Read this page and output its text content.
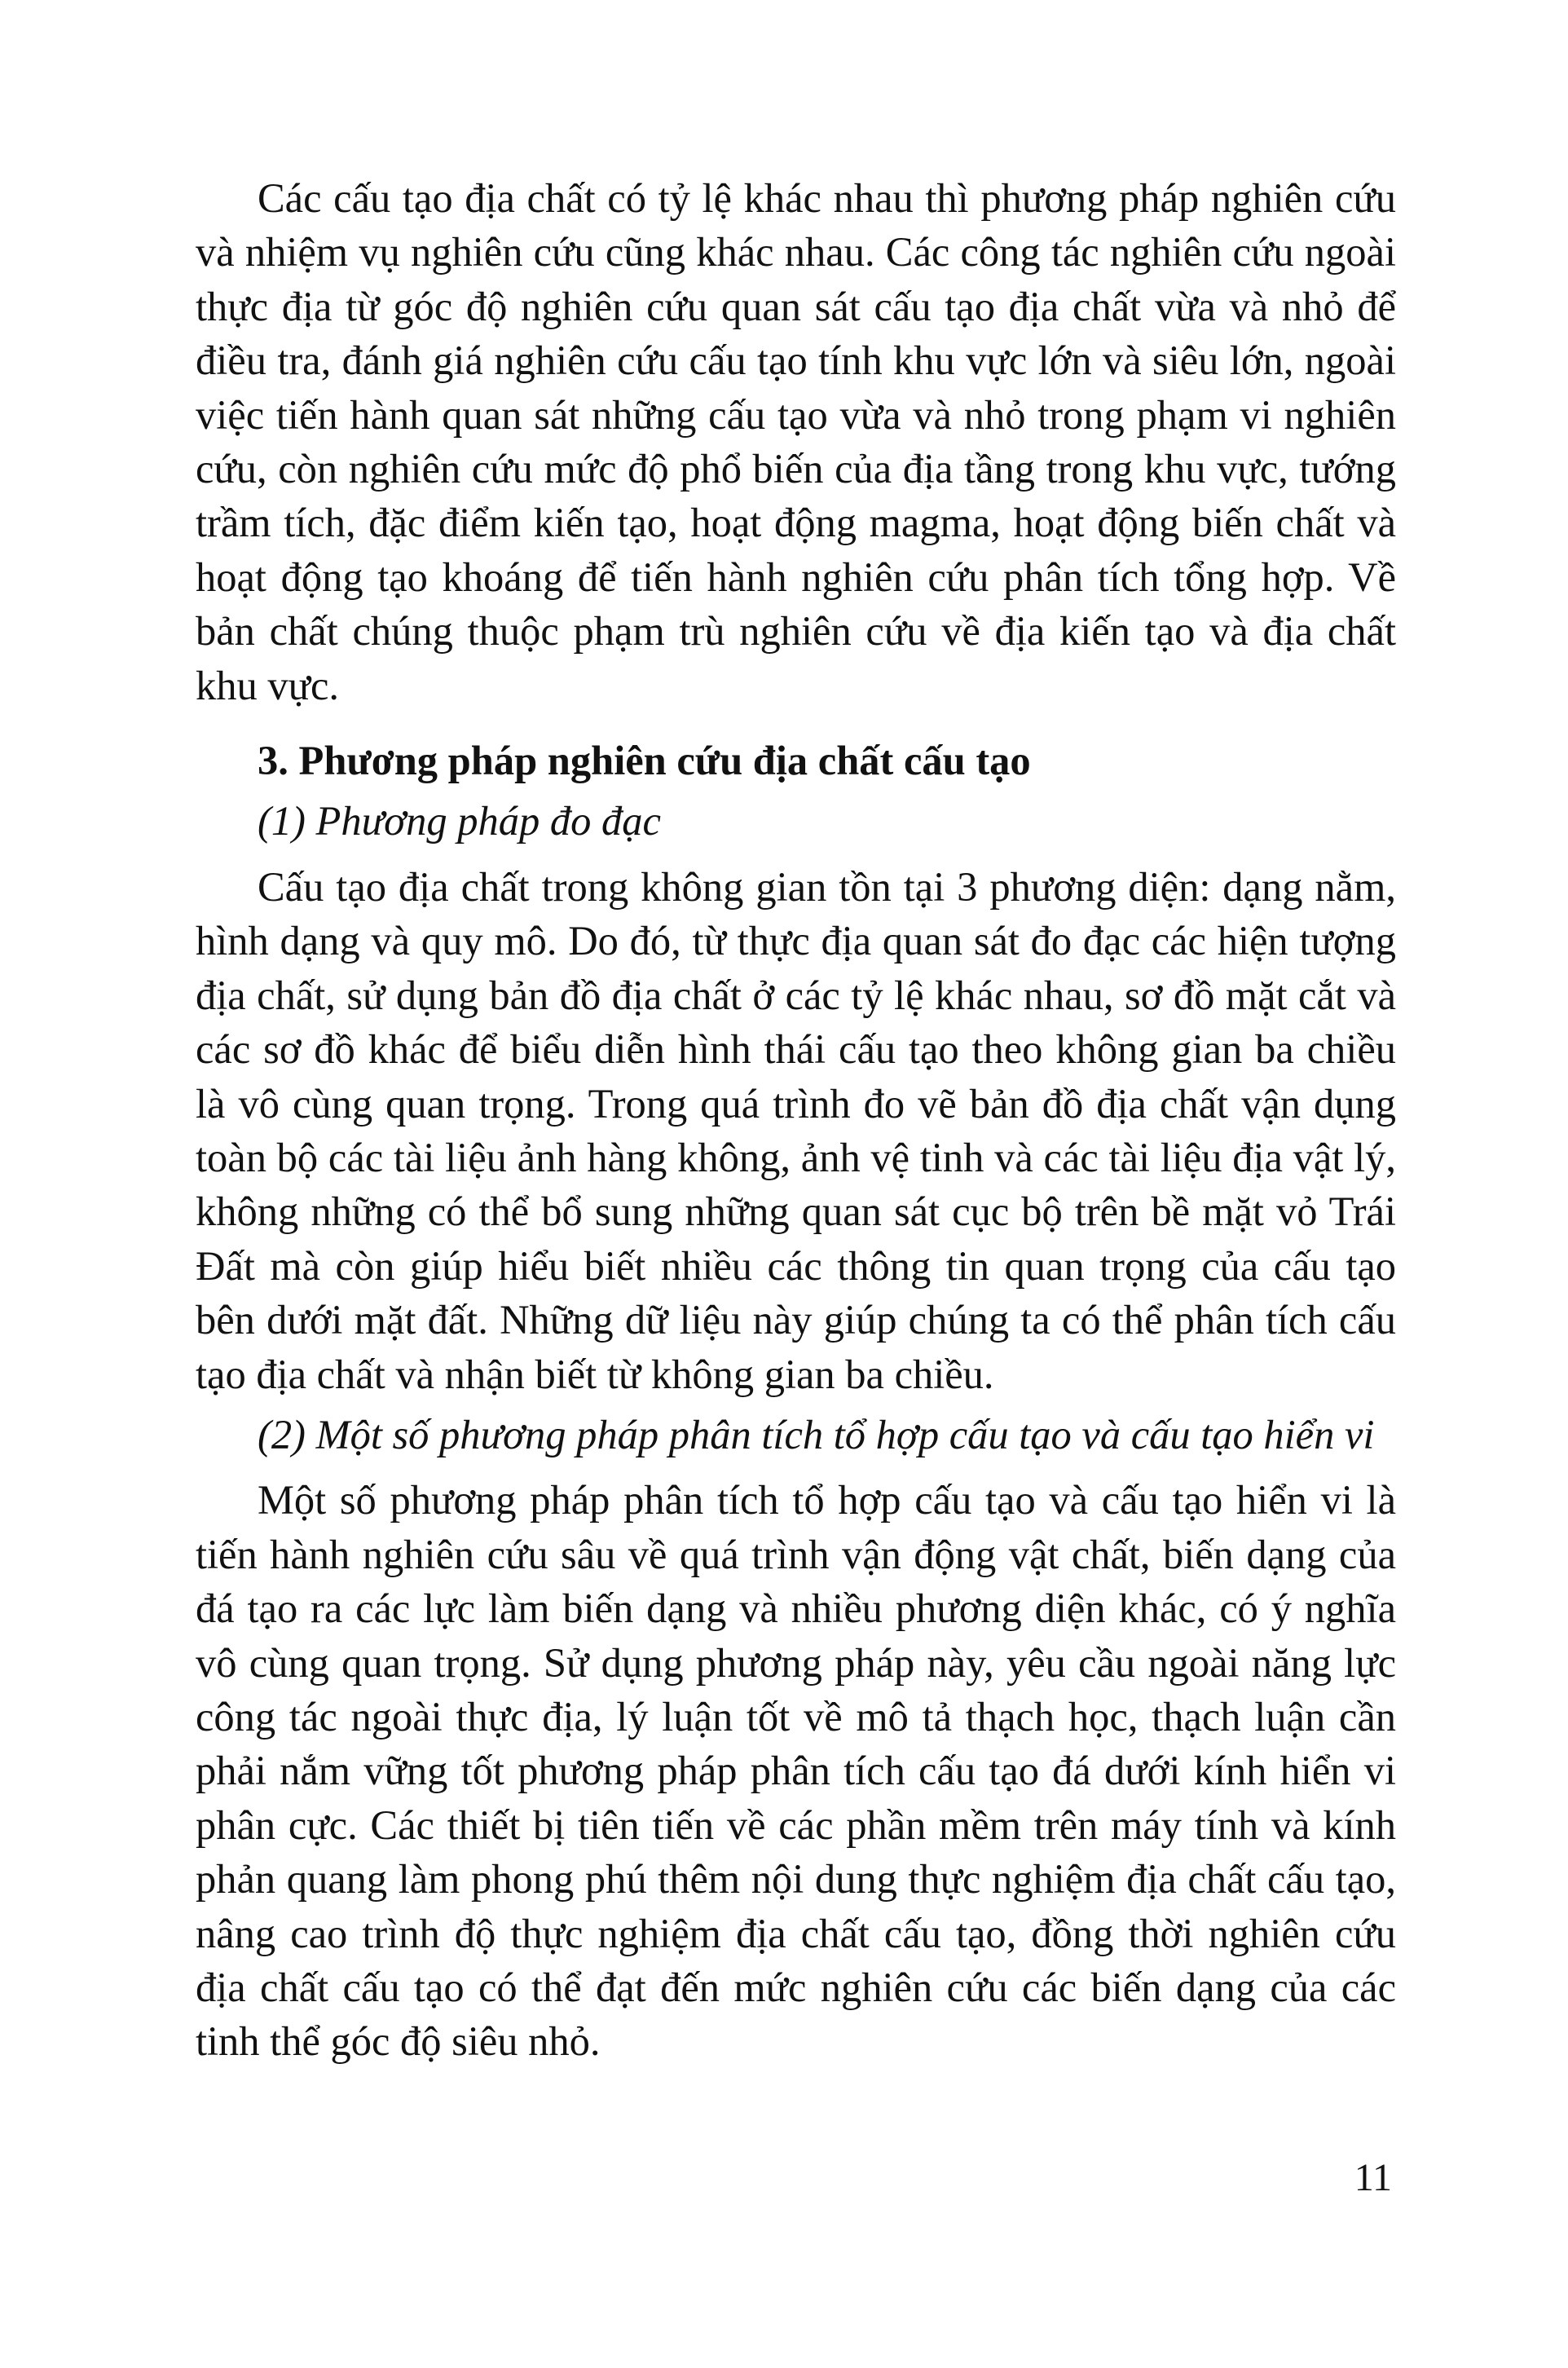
Các cấu tạo địa chất có tỷ lệ khác nhau thì phương pháp nghiên cứu và nhiệm vụ nghiên cứu cũng khác nhau. Các công tác nghiên cứu ngoài thực địa từ góc độ nghiên cứu quan sát cấu tạo địa chất vừa và nhỏ để điều tra, đánh giá nghiên cứu cấu tạo tính khu vực lớn và siêu lớn, ngoài việc tiến hành quan sát những cấu tạo vừa và nhỏ trong phạm vi nghiên cứu, còn nghiên cứu mức độ phổ biến của địa tầng trong khu vực, tướng trầm tích, đặc điểm kiến tạo, hoạt động magma, hoạt động biến chất và hoạt động tạo khoáng để tiến hành nghiên cứu phân tích tổng hợp. Về bản chất chúng thuộc phạm trù nghiên cứu về địa kiến tạo và địa chất khu vực.

3. Phương pháp nghiên cứu địa chất cấu tạo

(1) Phương pháp đo đạc

Cấu tạo địa chất trong không gian tồn tại 3 phương diện: dạng nằm, hình dạng và quy mô. Do đó, từ thực địa quan sát đo đạc các hiện tượng địa chất, sử dụng bản đồ địa chất ở các tỷ lệ khác nhau, sơ đồ mặt cắt và các sơ đồ khác để biểu diễn hình thái cấu tạo theo không gian ba chiều là vô cùng quan trọng. Trong quá trình đo vẽ bản đồ địa chất vận dụng toàn bộ các tài liệu ảnh hàng không, ảnh vệ tinh và các tài liệu địa vật lý, không những có thể bổ sung những quan sát cục bộ trên bề mặt vỏ Trái Đất mà còn giúp hiểu biết nhiều các thông tin quan trọng của cấu tạo bên dưới mặt đất. Những dữ liệu này giúp chúng ta có thể phân tích cấu tạo địa chất và nhận biết từ không gian ba chiều.

(2) Một số phương pháp phân tích tổ hợp cấu tạo và cấu tạo hiển vi

Một số phương pháp phân tích tổ hợp cấu tạo và cấu tạo hiển vi là tiến hành nghiên cứu sâu về quá trình vận động vật chất, biến dạng của đá tạo ra các lực làm biến dạng và nhiều phương diện khác, có ý nghĩa vô cùng quan trọng. Sử dụng phương pháp này, yêu cầu ngoài năng lực công tác ngoài thực địa, lý luận tốt về mô tả thạch học, thạch luận cần phải nắm vững tốt phương pháp phân tích cấu tạo đá dưới kính hiển vi phân cực. Các thiết bị tiên tiến về các phần mềm trên máy tính và kính phản quang làm phong phú thêm nội dung thực nghiệm địa chất cấu tạo, nâng cao trình độ thực nghiệm địa chất cấu tạo, đồng thời nghiên cứu địa chất cấu tạo có thể đạt đến mức nghiên cứu các biến dạng của các tinh thể góc độ siêu nhỏ.

11
